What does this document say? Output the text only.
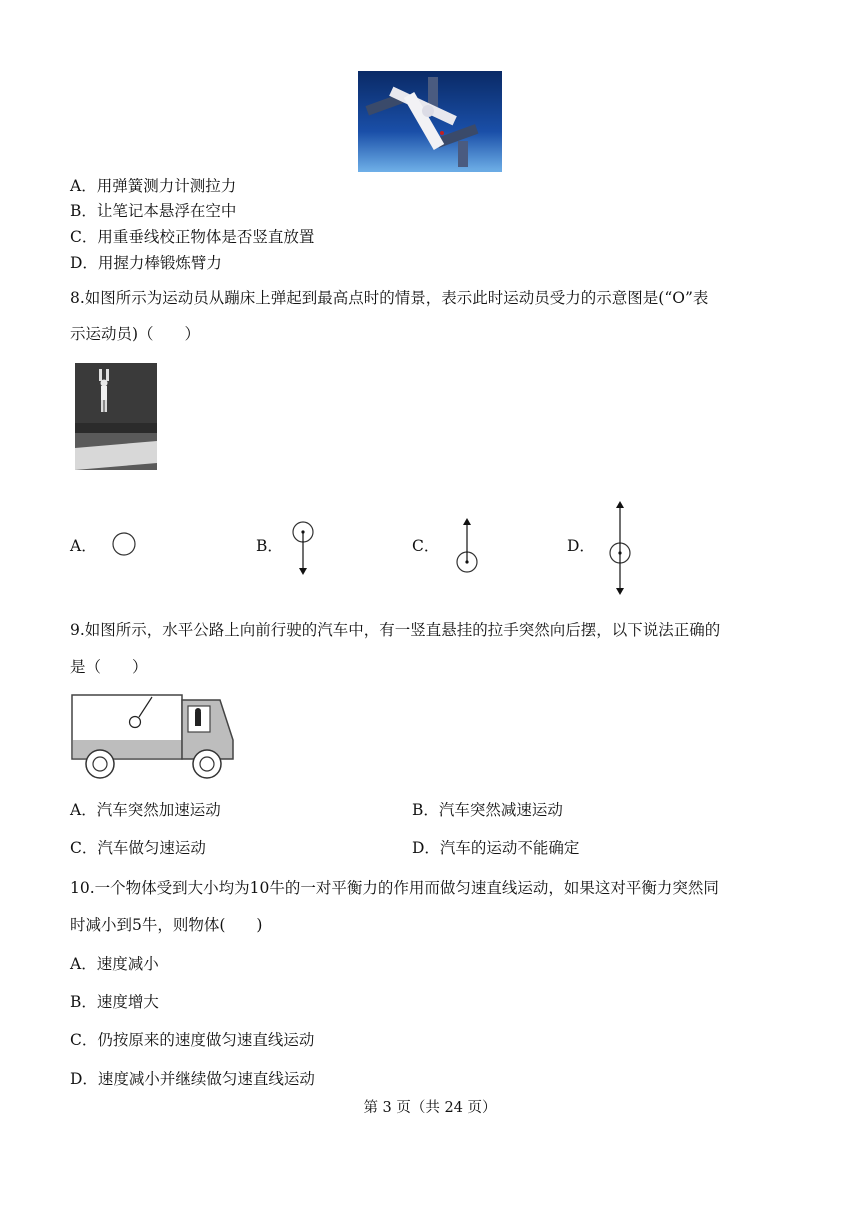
A．用弹簧测力计测拉力
B．让笔记本悬浮在空中
C．用重垂线校正物体是否竖直放置
D．用握力棒锻炼臂力
8.如图所示为运动员从蹦床上弹起到最高点时的情景，表示此时运动员受力的示意图是(“O”表
示运动员)（　　）
A．	B．	C．	D．
9.如图所示，水平公路上向前行驶的汽车中，有一竖直悬挂的拉手突然向后摆，以下说法正确的
是（　　）
A．汽车突然加速运动	B．汽车突然减速运动
C．汽车做匀速运动	D．汽车的运动不能确定
10.一个物体受到大小均为10牛的一对平衡力的作用而做匀速直线运动，如果这对平衡力突然同
时减小到5牛，则物体(　　)
A．速度减小
B．速度增大
C．仍按原来的速度做匀速直线运动
D．速度减小并继续做匀速直线运动
第 3 页（共 24 页）
